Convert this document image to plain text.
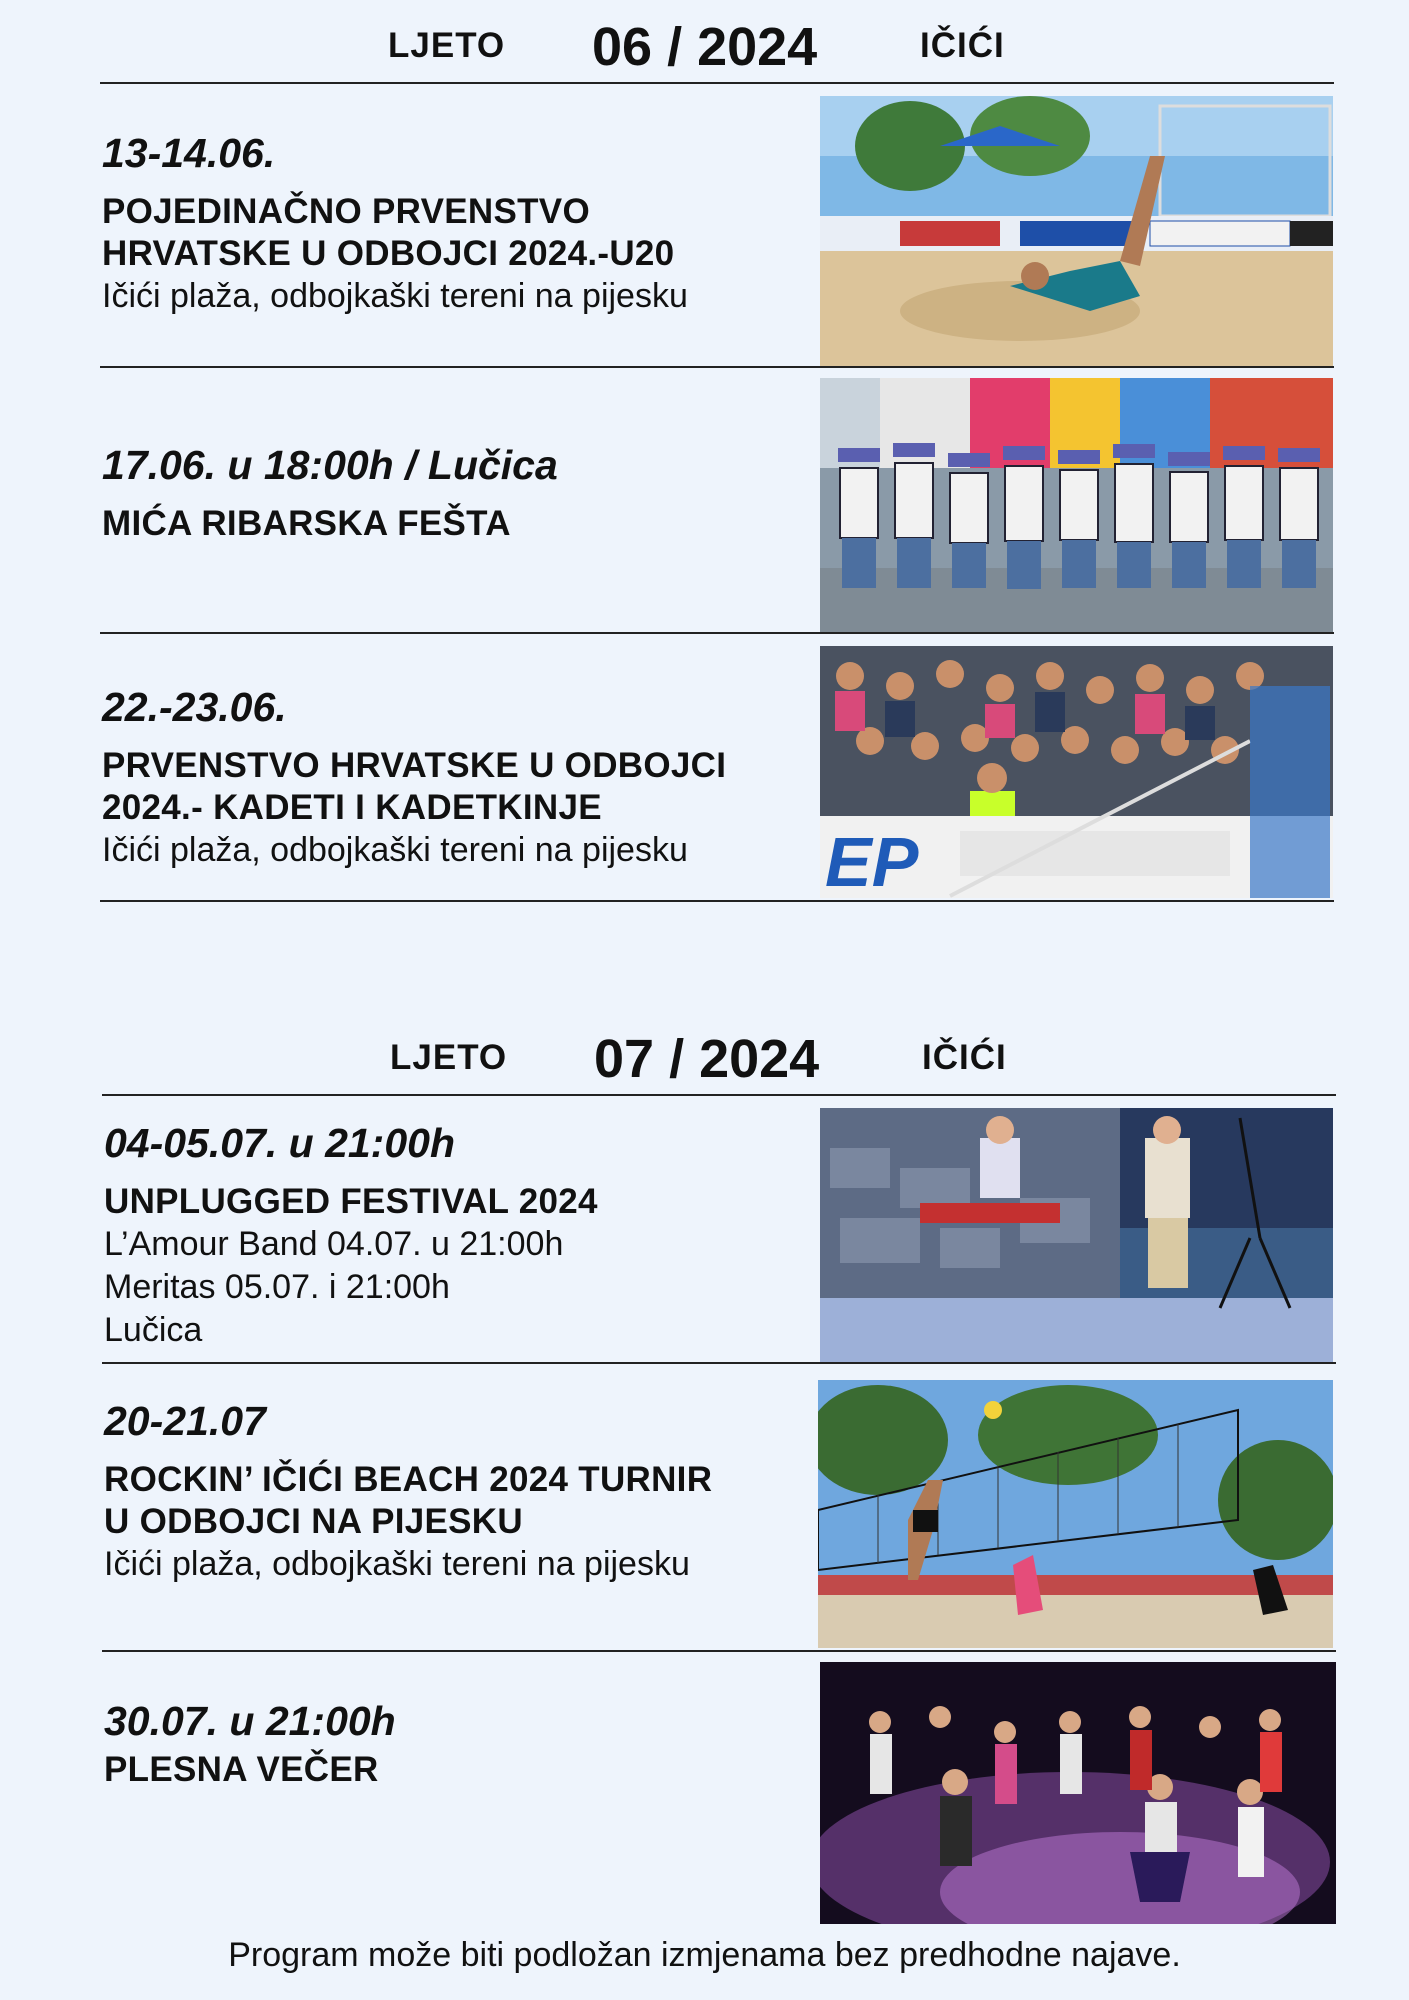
LJETO 06 / 2024	IČIĆI
13-14.06.
POJEDINAČNO PRVENSTVO
HRVATSKE U ODBOJCI 2024.-U20
Ičići plaža, odbojkaški tereni na pijesku
17.06. u 18:00h / Lučica
MIĆA RIBARSKA FEŠTA
22.-23.06.
PRVENSTVO HRVATSKE U ODBOJCI
2024.- KADETI I KADETKINJE
Ičići plaža, odbojkaški tereni na pijesku	EP
LJETO 07 / 2024	IČIĆI
04-05.07. u 21:00h
UNPLUGGED FESTIVAL 2024
L’Amour Band 04.07. u 21:00h
Meritas 05.07. i 21:00h
Lučica
20-21.07
ROCKIN’ IČIĆI BEACH 2024 TURNIR
U ODBOJCI NA PIJESKU
Ičići plaža, odbojkaški tereni na pijesku
30.07. u 21:00h
PLESNA VEČER
Program može biti podložan izmjenama bez predhodne najave.
